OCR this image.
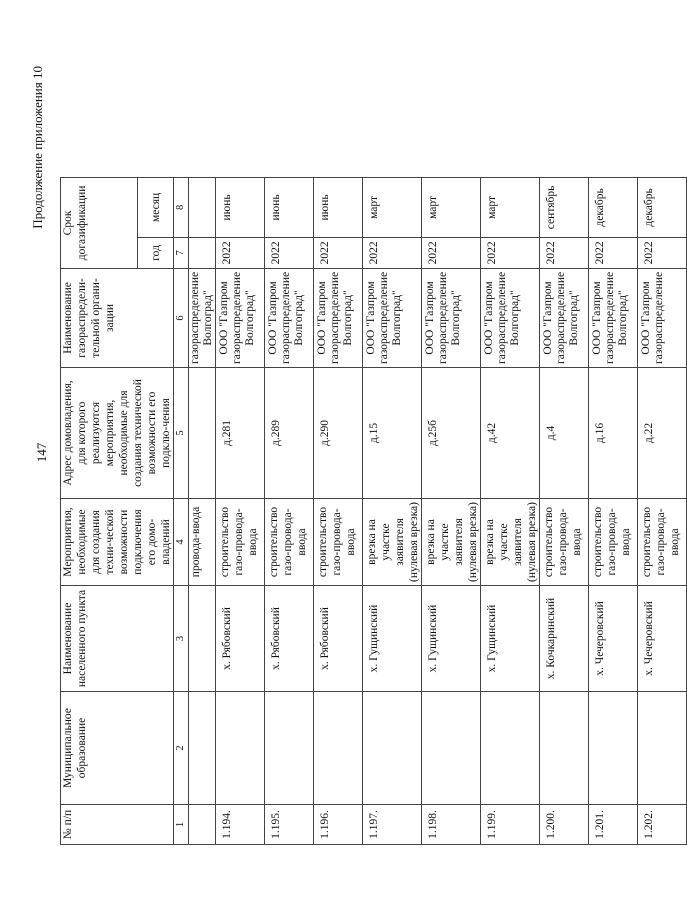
147
Продолжение приложения 10
№ п/п	Муниципальное образование	Наименование населенного пункта	Мероприятия, необходимые для создания техни-ческой возможности подключения его домо-владений	Адрес домовладения, для которого реализуются мероприятия, необходимые для создания технической возможности его подклю-чения	Наименование газораспредели-тельной органи-зации	Срок догазификации	
						год	месяц
1	2	3	4	5	6	7	8
			провода-ввода		газораспределение Волгоград"		
1.194.		х. Рябовский	строительство газо-провода-ввода	д.281	ООО "Газпром газораспределение Волгоград"	2022	июнь
1.195.		х. Рябовский	строительство газо-провода-ввода	д.289	ООО "Газпром газораспределение Волгоград"	2022	июнь
1.196.		х. Рябовский	строительство газо-провода-ввода	д.290	ООО "Газпром газораспределение Волгоград"	2022	июнь
1.197.		х. Гущинский	врезка на участке заявителя (нулевая врезка)	д.15	ООО "Газпром газораспределение Волгоград"	2022	март
1.198.		х. Гущинский	врезка на участке заявителя (нулевая врезка)	д.25б	ООО "Газпром газораспределение Волгоград"	2022	март
1.199.		х. Гущинский	врезка на участке заявителя (нулевая врезка)	д.42	ООО "Газпром газораспределение Волгоград"	2022	март
1.200.		х. Кочкаринский	строительство газо-провода-ввода	д.4	ООО "Газпром газораспределение Волгоград"	2022	сентябрь
1.201.		х. Чечеровский	строительство газо-провода-ввода	д.16	ООО "Газпром газораспределение Волгоград"	2022	декабрь
1.202.		х. Чечеровский	строительство газо-провода-ввода	д.22	ООО "Газпром газораспределение	2022	декабрь
